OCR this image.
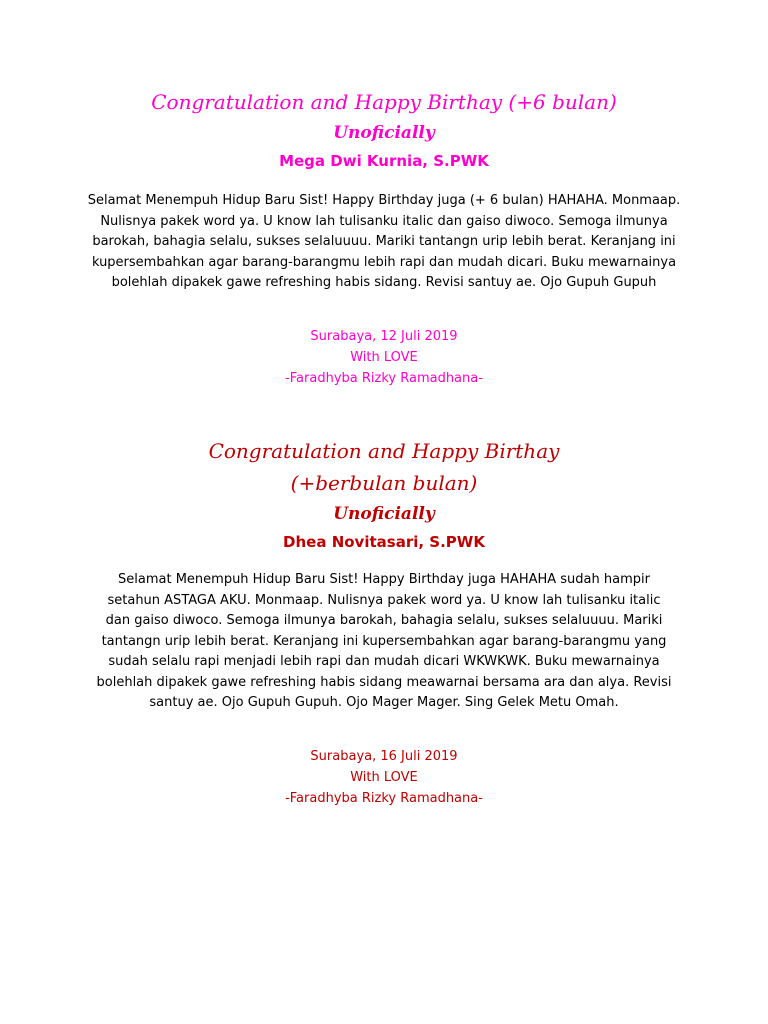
Congratulation and Happy Birthay (+6 bulan)

Unoficially

Mega Dwi Kurnia, S.PWK

Selamat Menempuh Hidup Baru Sist! Happy Birthday juga (+ 6 bulan) HAHAHA. Monmaap. Nulisnya pakek word ya. U know lah tulisanku italic dan gaiso diwoco. Semoga ilmunya barokah, bahagia selalu, sukses selaluuuu. Mariki tantangn urip lebih berat. Keranjang ini kupersembahkan agar barang-barangmu lebih rapi dan mudah dicari. Buku mewarnainya bolehlah dipakek gawe refreshing habis sidang. Revisi santuy ae. Ojo Gupuh Gupuh

Surabaya, 12 Juli 2019

With LOVE

-Faradhyba Rizky Ramadhana-

Congratulation and Happy Birthay

(+berbulan bulan)

Unoficially

Dhea Novitasari, S.PWK

Selamat Menempuh Hidup Baru Sist! Happy Birthday juga HAHAHA sudah hampir setahun ASTAGA AKU. Monmaap. Nulisnya pakek word ya. U know lah tulisanku italic dan gaiso diwoco. Semoga ilmunya barokah, bahagia selalu, sukses selaluuuu. Mariki tantangn urip lebih berat. Keranjang ini kupersembahkan agar barang-barangmu yang sudah selalu rapi menjadi lebih rapi dan mudah dicari WKWKWK. Buku mewarnainya bolehlah dipakek gawe refreshing habis sidang meawarnai bersama ara dan alya. Revisi santuy ae. Ojo Gupuh Gupuh. Ojo Mager Mager. Sing Gelek Metu Omah.

Surabaya, 16 Juli 2019

With LOVE

-Faradhyba Rizky Ramadhana-
